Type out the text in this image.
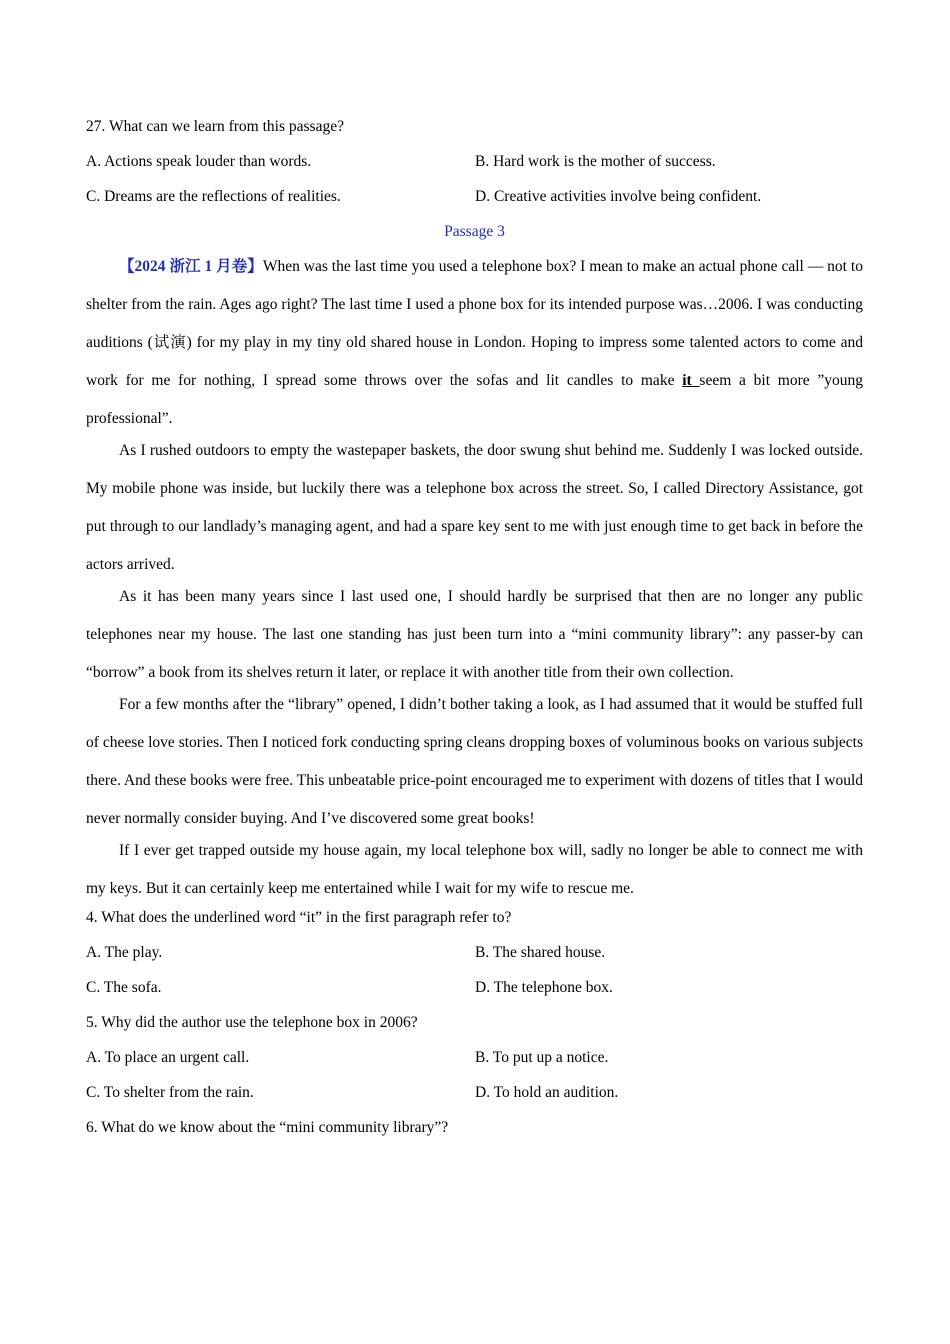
27. What can we learn from this passage?
A. Actions speak louder than words.	B. Hard work is the mother of success.
C. Dreams are the reflections of realities.	D. Creative activities involve being confident.
Passage 3

【2024 浙江 1 月卷】When was the last time you used a telephone box? I mean to make an actual phone call — not to shelter from the rain. Ages ago right? The last time I used a phone box for its intended purpose was…2006. I was conducting auditions (试演) for my play in my tiny old shared house in London. Hoping to impress some talented actors to come and work for me for nothing, I spread some throws over the sofas and lit candles to make it seem a bit more ”young professional”.

As I rushed outdoors to empty the wastepaper baskets, the door swung shut behind me. Suddenly I was locked outside. My mobile phone was inside, but luckily there was a telephone box across the street. So, I called Directory Assistance, got put through to our landlady’s managing agent, and had a spare key sent to me with just enough time to get back in before the actors arrived.

As it has been many years since I last used one, I should hardly be surprised that then are no longer any public telephones near my house. The last one standing has just been turn into a “mini community library”: any passer-by can “borrow” a book from its shelves return it later, or replace it with another title from their own collection.

For a few months after the “library” opened, I didn’t bother taking a look, as I had assumed that it would be stuffed full of cheese love stories. Then I noticed fork conducting spring cleans dropping boxes of voluminous books on various subjects there. And these books were free. This unbeatable price-point encouraged me to experiment with dozens of titles that I would never normally consider buying. And I’ve discovered some great books!

If I ever get trapped outside my house again, my local telephone box will, sadly no longer be able to connect me with my keys. But it can certainly keep me entertained while I wait for my wife to rescue me.

4. What does the underlined word “it” in the first paragraph refer to?
A. The play.	B. The shared house.
C. The sofa.	D. The telephone box.
5. Why did the author use the telephone box in 2006?
A. To place an urgent call.	B. To put up a notice.
C. To shelter from the rain.	D. To hold an audition.
6. What do we know about the “mini community library”?
